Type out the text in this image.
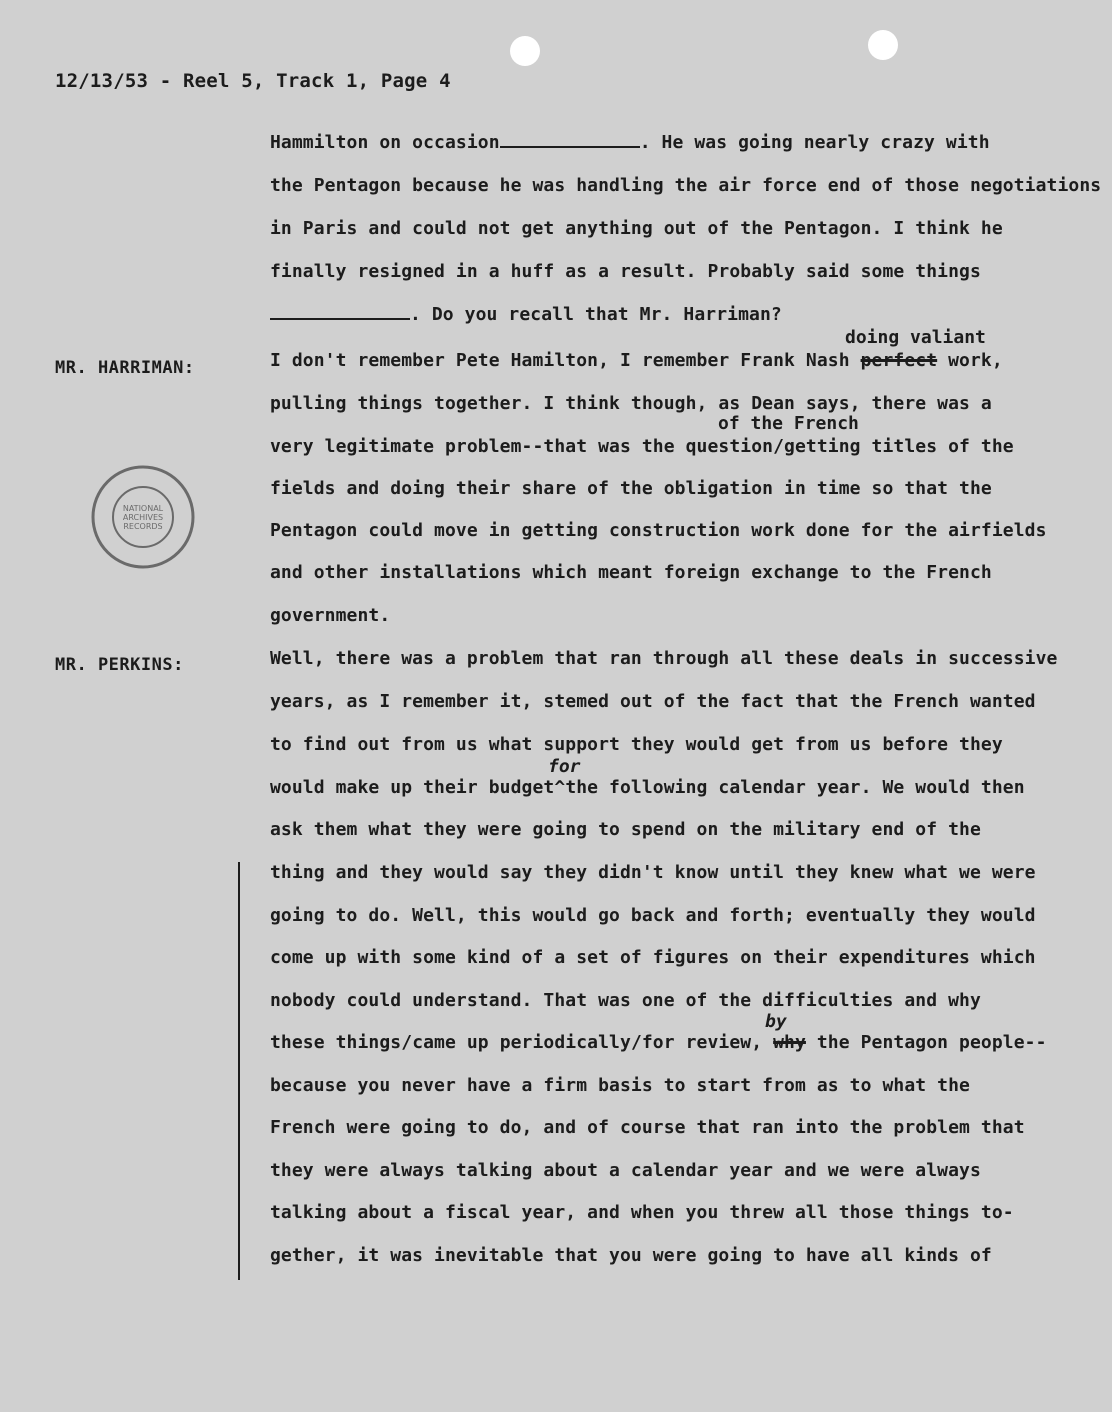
12/13/53 - Reel 5, Track 1, Page 4
NATIONAL
ARCHIVES
RECORDS
Hammilton on occasion	. He was going nearly crazy with
the Pentagon because he was handling the air force end of those negotiations
in Paris and could not get anything out of the Pentagon. I think he
finally resigned in a huff as a result. Probably said some things
. Do you recall that Mr. Harriman?
MR. HARRIMAN:
doing valiant
I don't remember Pete Hamilton, I remember Frank Nash perfect work,
pulling things together. I think though, as Dean says, there was a
of the French
very legitimate problem--that was the question/getting titles of the
fields and doing their share of the obligation in time so that the
Pentagon could move in getting construction work done for the airfields
and other installations which meant foreign exchange to the French
government.
MR. PERKINS:	Well, there was a problem that ran through all these deals in successive
years, as I remember it, stemed out of the fact that the French wanted
to find out from us what support they would get from us before they
for
would make up their budget^the following calendar year. We would then
ask them what they were going to spend on the military end of the
thing and they would say they didn't know until they knew what we were
going to do. Well, this would go back and forth; eventually they would
come up with some kind of a set of figures on their expenditures which
nobody could understand. That was one of the difficulties and why
by
these things/came up periodically/for review, why the Pentagon people--
because you never have a firm basis to start from as to what the
French were going to do, and of course that ran into the problem that
they were always talking about a calendar year and we were always
talking about a fiscal year, and when you threw all those things to-
gether, it was inevitable that you were going to have all kinds of
